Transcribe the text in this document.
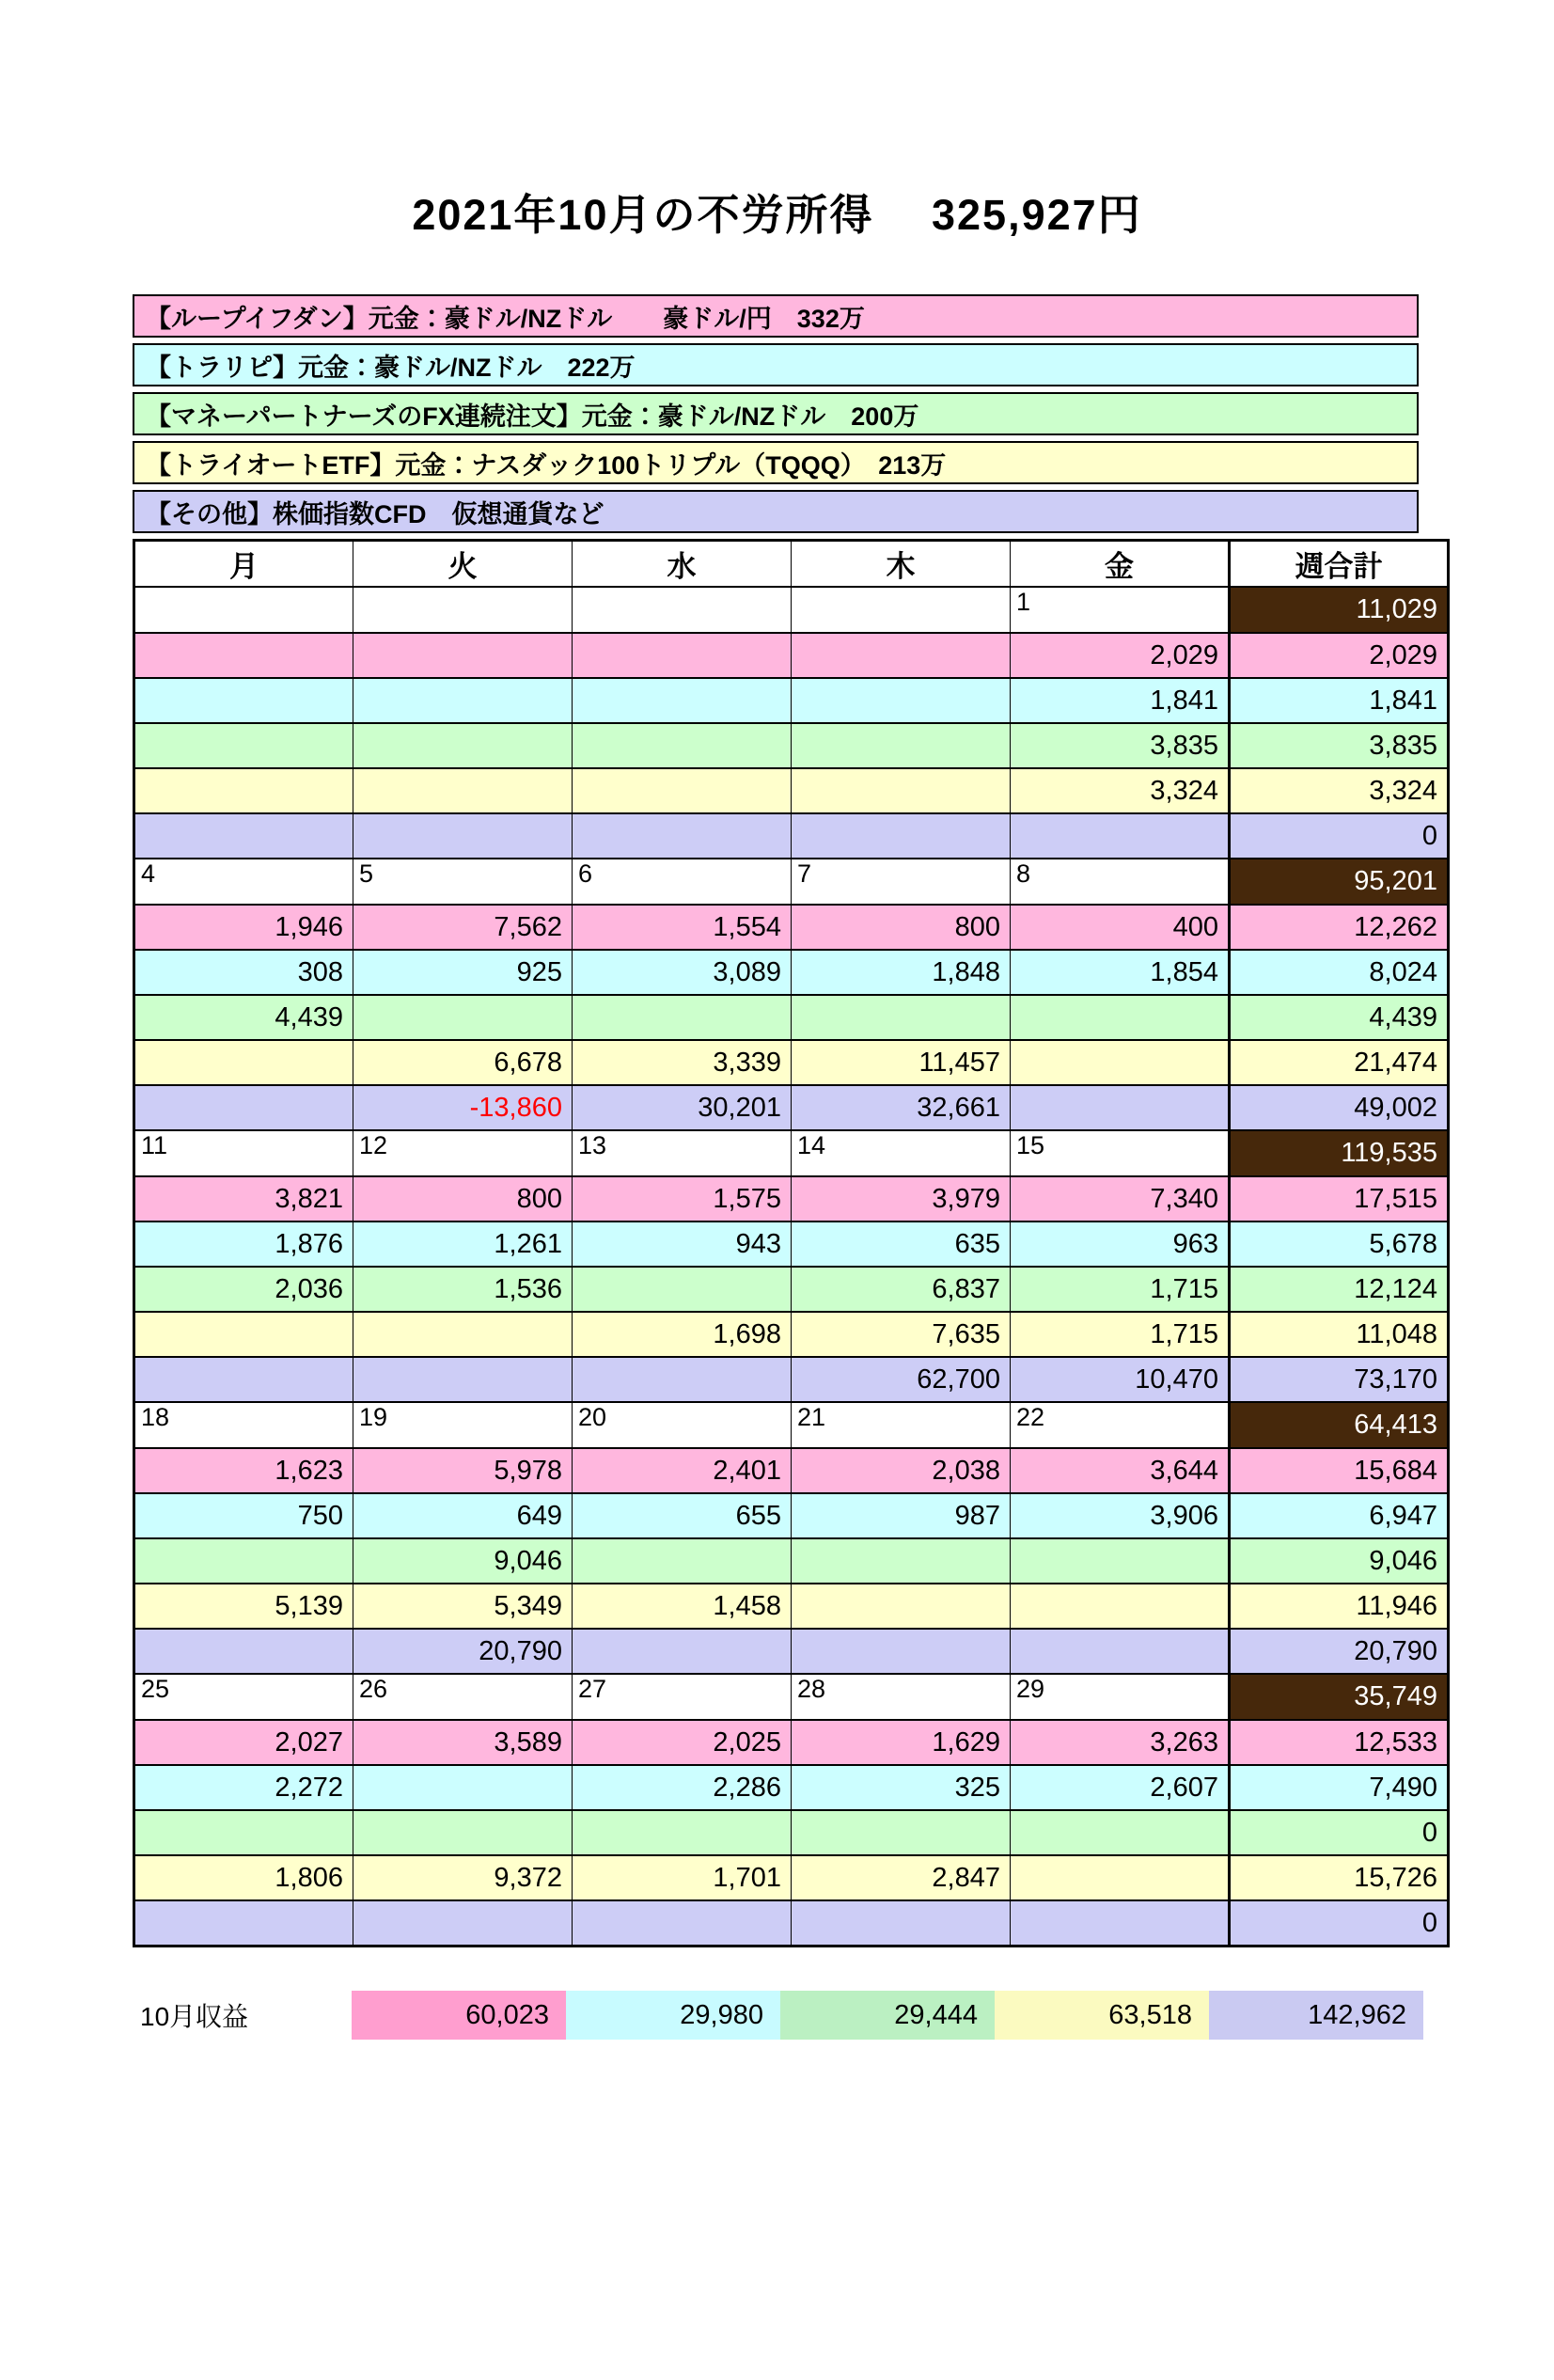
2021年10月の不労所得　 325,927円
【ループイフダン】元金：豪ドル/NZドル　　豪ドル/円　332万
【トラリピ】元金：豪ドル/NZドル　222万
【マネーパートナーズのFX連続注文】元金：豪ドル/NZドル　200万
【トライオートETF】元金：ナスダック100トリプル（TQQQ）　213万
【その他】株価指数CFD　仮想通貨など
月	火	水	木	金	週合計
				1	11,029
				2,029	2,029
				1,841	1,841
				3,835	3,835
				3,324	3,324
					0
4	5	6	7	8	95,201
1,946	7,562	1,554	800	400	12,262
308	925	3,089	1,848	1,854	8,024
4,439					4,439
	6,678	3,339	11,457		21,474
	-13,860	30,201	32,661		49,002
11	12	13	14	15	119,535
3,821	800	1,575	3,979	7,340	17,515
1,876	1,261	943	635	963	5,678
2,036	1,536		6,837	1,715	12,124
		1,698	7,635	1,715	11,048
			62,700	10,470	73,170
18	19	20	21	22	64,413
1,623	5,978	2,401	2,038	3,644	15,684
750	649	655	987	3,906	6,947
	9,046				9,046
5,139	5,349	1,458			11,946
	20,790				20,790
25	26	27	28	29	35,749
2,027	3,589	2,025	1,629	3,263	12,533
2,272		2,286	325	2,607	7,490
					0
1,806	9,372	1,701	2,847		15,726
					0
10月収益	60,023	29,980	29,444	63,518	142,962
